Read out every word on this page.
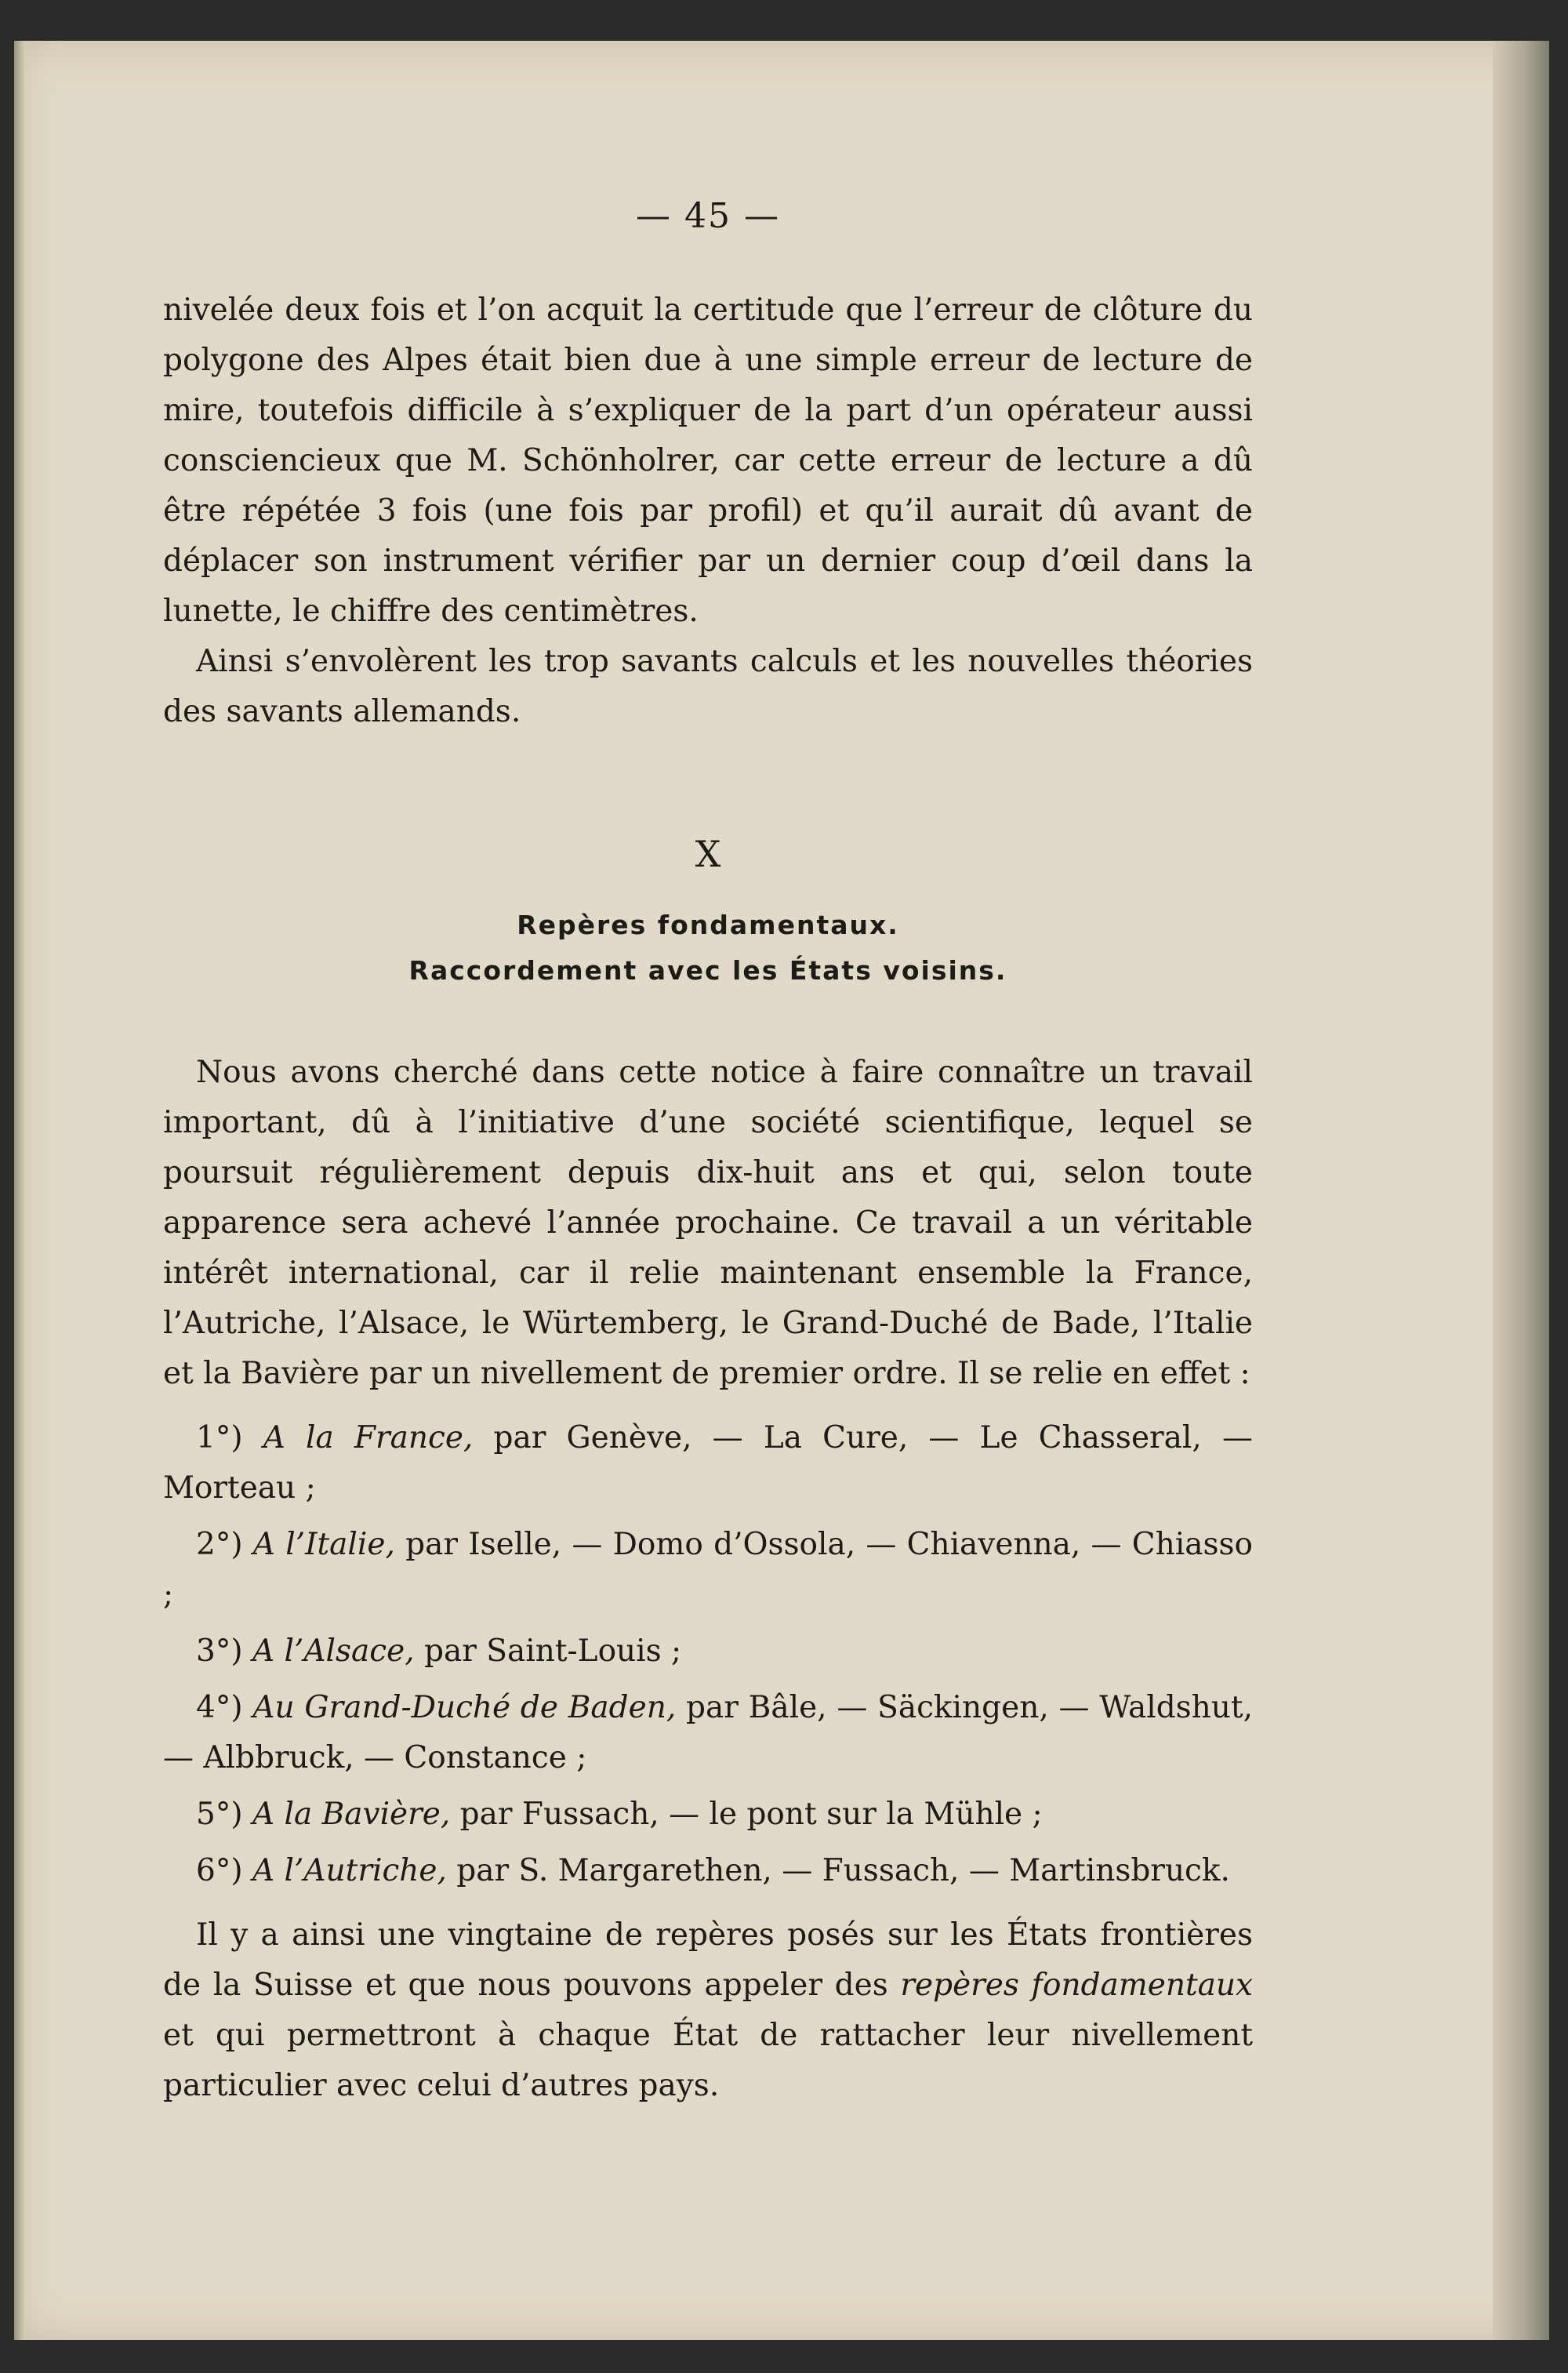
— 45 —

nivelée deux fois et l’on acquit la certitude que l’erreur de clôture du polygone des Alpes était bien due à une simple erreur de lecture de mire, toutefois difficile à s’expliquer de la part d’un opérateur aussi consciencieux que M. Schönholrer, car cette erreur de lecture a dû être répétée 3 fois (une fois par profil) et qu’il aurait dû avant de déplacer son instrument vérifier par un dernier coup d’œil dans la lunette, le chiffre des centimètres.

Ainsi s’envolèrent les trop savants calculs et les nouvelles théories des savants allemands.

X
Repères fondamentaux.
Raccordement avec les États voisins.

Nous avons cherché dans cette notice à faire connaître un travail important, dû à l’initiative d’une société scientifique, lequel se poursuit régulièrement depuis dix-huit ans et qui, selon toute apparence sera achevé l’année prochaine. Ce travail a un véritable intérêt international, car il relie maintenant ensemble la France, l’Autriche, l’Alsace, le Würtemberg, le Grand-Duché de Bade, l’Italie et la Bavière par un nivellement de premier ordre. Il se relie en effet :

1°) A la France, par Genève, — La Cure, — Le Chasseral, — Morteau ;
2°) A l’Italie, par Iselle, — Domo d’Ossola, — Chiavenna, — Chiasso ;
3°) A l’Alsace, par Saint-Louis ;
4°) Au Grand-Duché de Baden, par Bâle, — Säckingen, — Waldshut, — Albbruck, — Constance ;
5°) A la Bavière, par Fussach, — le pont sur la Mühle ;
6°) A l’Autriche, par S. Margarethen, — Fussach, — Martinsbruck.

Il y a ainsi une vingtaine de repères posés sur les États frontières de la Suisse et que nous pouvons appeler des repères fondamentaux et qui permettront à chaque État de rattacher leur nivellement particulier avec celui d’autres pays.
